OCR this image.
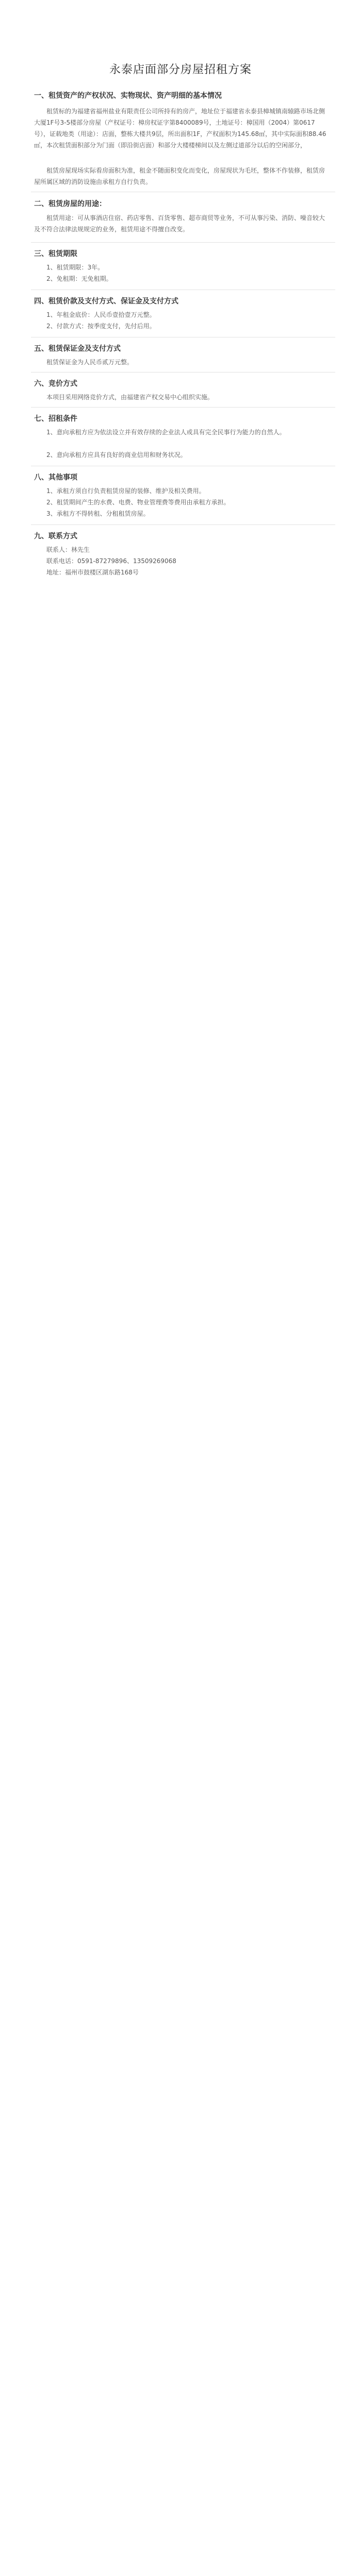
永泰店面部分房屋招租方案
一、租赁资产的产权状况、实物现状、资产明细的基本情况
租赁标的为福建省福州盐业有限责任公司所持有的房产，地址位于福建省永泰县樟城镇南辕路市场北侧大厦1F号3-5楼部分房屋（产权证号：樟房权证字第8400089号，土地证号：樟国用（2004）第0617号），证载地类（用途）：店面，整栋大楼共9层，所出面积1F，产权面积为145.68㎡，其中实际面积88.46㎡，本次租赁面积部分为门面（即沿街店面）和部分大楼楼梯间以及左侧过道部分以后的空闲部分，
租赁房屋现场实际看房面积为准，租金不随面积变化而变化，房屋现状为毛坯，整体不作装修，租赁房屋所属区域的消防设施由承租方自行负责。
二、租赁房屋的用途：
租赁用途：可从事酒店住宿、药店零售、百货零售、超市商贸等业务，不可从事污染、消防、噪音较大及不符合法律法规规定的业务，租赁用途不得擅自改变。
三、租赁期限
1、租赁期限：3年。
2、免租期：无免租期。
四、租赁价款及支付方式、保证金及支付方式
1、年租金底价：人民币壹拾壹万元整。
2、付款方式：按季度支付，先付后用。
五、租赁保证金及支付方式
租赁保证金为人民币贰万元整。
六、竞价方式
本项目采用网络竞价方式，由福建省产权交易中心组织实施。
七、招租条件
1、意向承租方应为依法设立并有效存续的企业法人或具有完全民事行为能力的自然人。
2、意向承租方应具有良好的商业信用和财务状况。
八、其他事项
1、承租方须自行负责租赁房屋的装修、维护及相关费用。
2、租赁期间产生的水费、电费、物业管理费等费用由承租方承担。
3、承租方不得转租、分租租赁房屋。
九、联系方式
联系人：林先生
联系电话：0591-87279896、13509269068
地址：福州市鼓楼区湖东路168号
